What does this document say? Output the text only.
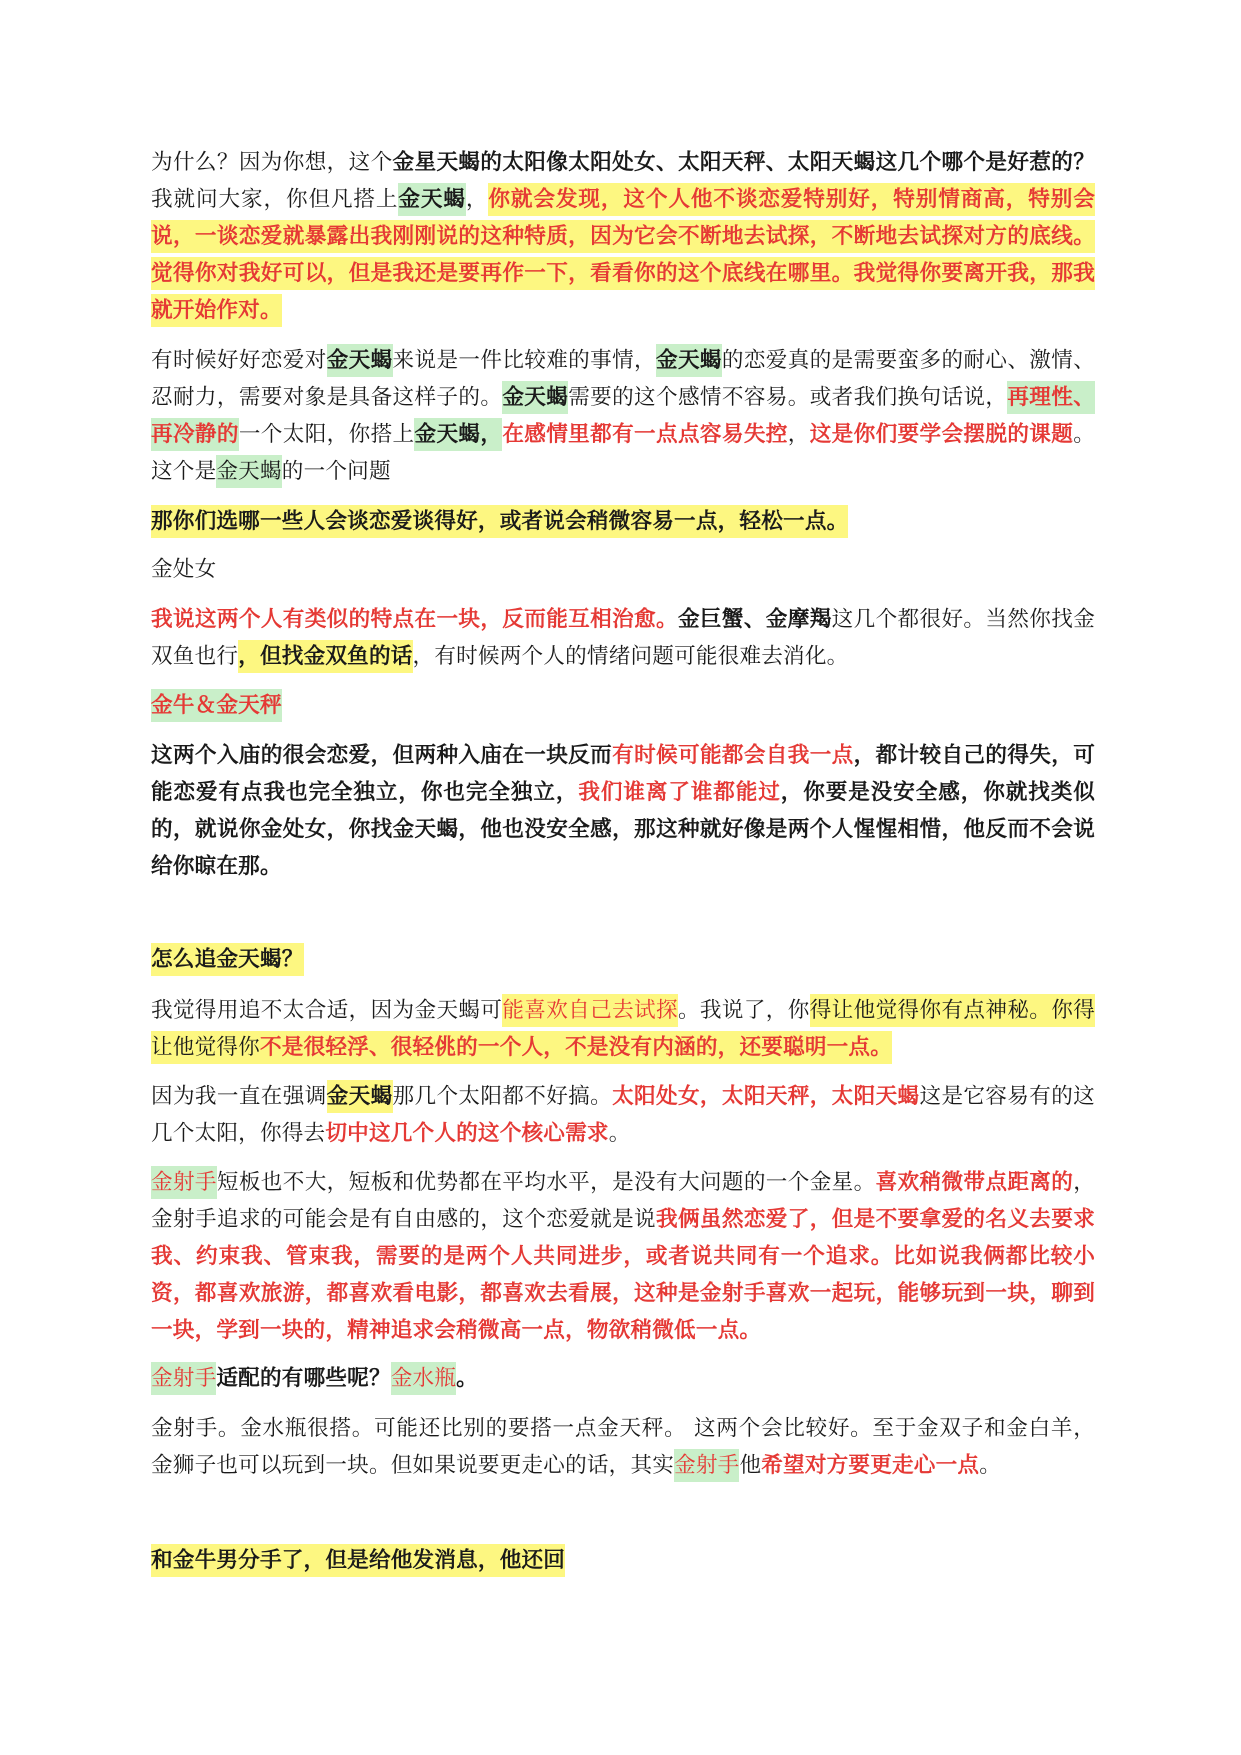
为什么？因为你想，这个金星天蝎的太阳像太阳处女、太阳天秤、太阳天蝎这几个哪个是好惹的？我就问大家，你但凡搭上金天蝎，你就会发现，这个人他不谈恋爱特别好，特别情商高，特别会说，一谈恋爱就暴露出我刚刚说的这种特质，因为它会不断地去试探，不断地去试探对方的底线。觉得你对我好可以，但是我还是要再作一下，看看你的这个底线在哪里。我觉得你要离开我，那我就开始作对。
有时候好好恋爱对金天蝎来说是一件比较难的事情，金天蝎的恋爱真的是需要蛮多的耐心、激情、忍耐力，需要对象是具备这样子的。金天蝎需要的这个感情不容易。或者我们换句话说，再理性、再冷静的一个太阳，你搭上金天蝎，在感情里都有一点点容易失控，这是你们要学会摆脱的课题。这个是金天蝎的一个问题
那你们选哪一些人会谈恋爱谈得好，或者说会稍微容易一点，轻松一点。
金处女
我说这两个人有类似的特点在一块，反而能互相治愈。金巨蟹、金摩羯这几个都很好。当然你找金双鱼也行，但找金双鱼的话，有时候两个人的情绪问题可能很难去消化。
金牛＆金天秤
这两个入庙的很会恋爱，但两种入庙在一块反而有时候可能都会自我一点，都计较自己的得失，可能恋爱有点我也完全独立，你也完全独立，我们谁离了谁都能过，你要是没安全感，你就找类似的，就说你金处女，你找金天蝎，他也没安全感，那这种就好像是两个人惺惺相惜，他反而不会说给你晾在那。
怎么追金天蝎？
我觉得用追不太合适，因为金天蝎可能喜欢自己去试探。我说了，你得让他觉得你有点神秘。你得让他觉得你不是很轻浮、很轻佻的一个人，不是没有内涵的，还要聪明一点。
因为我一直在强调金天蝎那几个太阳都不好搞。太阳处女，太阳天秤，太阳天蝎这是它容易有的这几个太阳，你得去切中这几个人的这个核心需求。
金射手短板也不大，短板和优势都在平均水平，是没有大问题的一个金星。喜欢稍微带点距离的，金射手追求的可能会是有自由感的，这个恋爱就是说我俩虽然恋爱了，但是不要拿爱的名义去要求我、约束我、管束我，需要的是两个人共同进步，或者说共同有一个追求。比如说我俩都比较小资，都喜欢旅游，都喜欢看电影，都喜欢去看展，这种是金射手喜欢一起玩，能够玩到一块，聊到一块，学到一块的，精神追求会稍微高一点，物欲稍微低一点。
金射手适配的有哪些呢？金水瓶。
金射手。金水瓶很搭。可能还比别的要搭一点金天秤。 这两个会比较好。至于金双子和金白羊，金狮子也可以玩到一块。但如果说要更走心的话，其实金射手他希望对方要更走心一点。
和金牛男分手了，但是给他发消息，他还回
